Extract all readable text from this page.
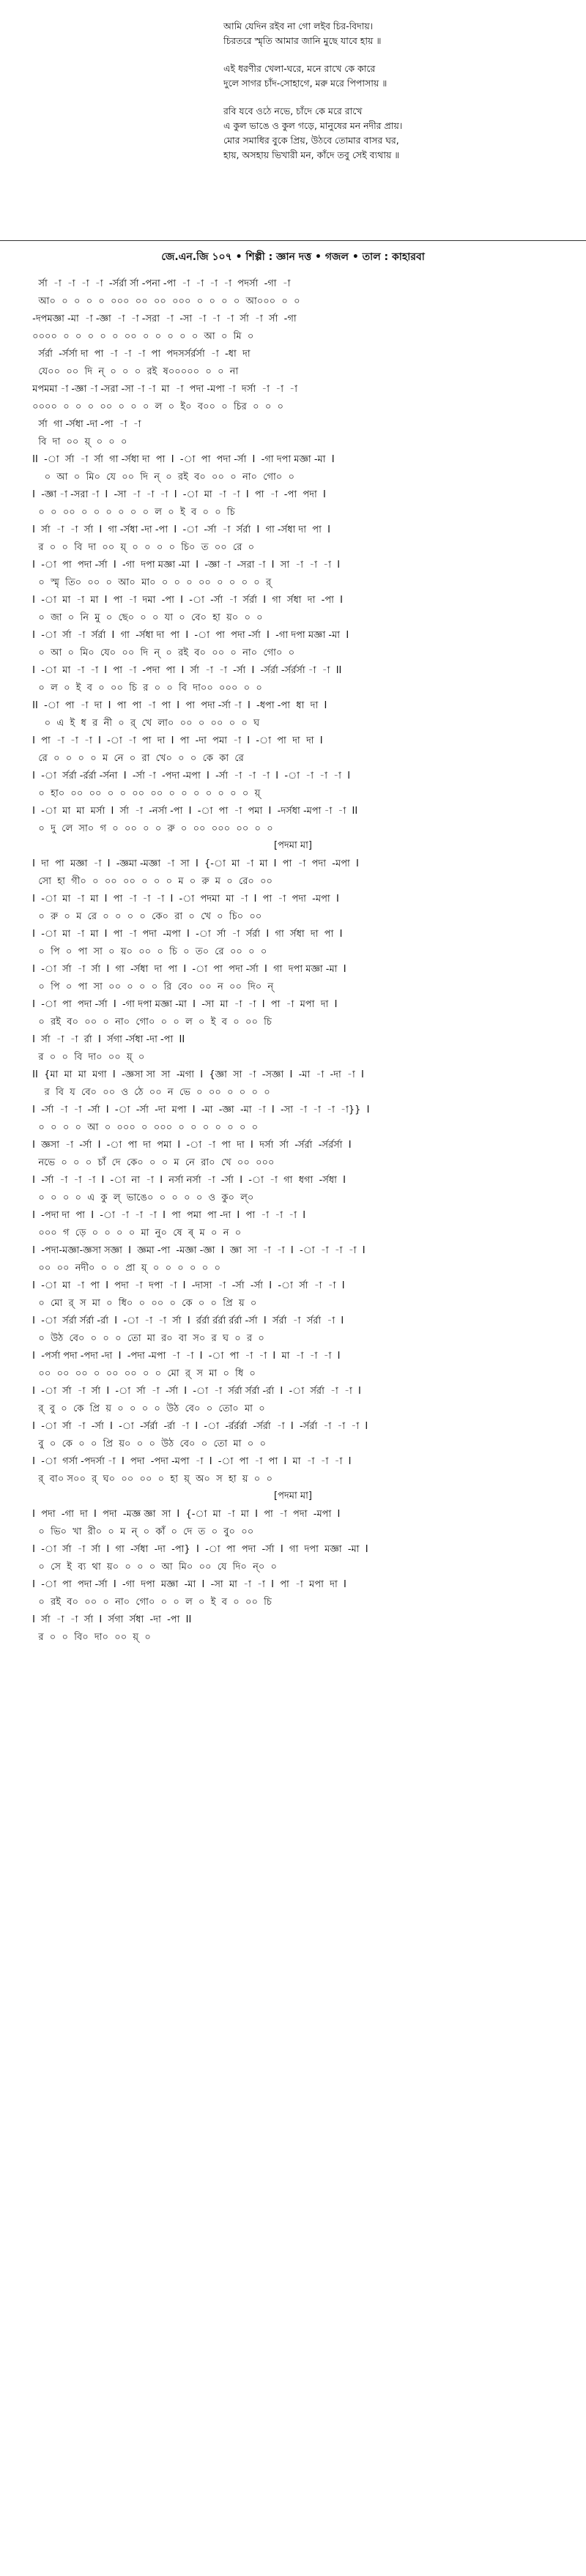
আমি যেদিন রইব না গো লইব চির-বিদায়।
চিরতরে স্মৃতি আমার জানি মুছে যাবে হায় ॥
এই ধরণীর খেলা-ঘরে, মনে রাখে কে কারে
দুলে সাগর চাঁদ-সোহাগে, মরু মরে পিপাসায় ॥
রবি যবে ওঠে নভে, চাঁদে কে মরে রাখে
এ কুল ভাঙে ও কুল গড়ে, মানুষের মন নদীর প্রায়।
মোর সমাধির বুকে প্রিয়, উঠবে তোমার বাসর ঘর,
হায়, অসহায় ভিখারী মন, কাঁদে তবু সেই ব্যথায় ॥
জে.এন.জি ১০৭ • শিল্পী : জ্ঞান দত্ত • গজল • তাল : কাহারবা
র্সা  -া  -া  -া  -া  -র্সর্রা র্সা -পনা -পা  -া  -া  -া  -া  পদর্সা  -গা  -া
আ০  ০  ০  ০  ০  ০০০  ০০  ০০  ০০০  ০  ০  ০  ০  আ০০০  ০  ০
-দপমজ্ঞা -মা  -া -জ্ঞা  -া  -া -সরা  -া  -সা  -া  -া  -া  র্সা  -া  র্সা  -গা
০০০০  ০  ০  ০  ০  ০  ০০  ০  ০  ০  ০  ০  আ  ০  মি  ০
র্সর্রা  -র্সর্সা দা  পা  -া  -া  -া  পা  পদসর্সর্রর্সা  -া  -ধা  দা
যে০০  ০০  দি  ন্  ০  ০  ০  রই  ষ০০০০০  ০  ০  না
মপমমা -া -জ্ঞা -া -সরা -সা -া -া  মা  -া  পদা -মপা -া  দর্সা  -া  -া  -া
০০০০  ০  ০  ০  ০০  ০  ০  ০  ল  ০  ই০  ব০০  ০  চির  ০  ০  ০
র্সা  গা -র্সধা -দা -পা  -া  -া
বি  দা  ০০  য়্  ০  ০  ০
II  -া  র্সা  -া  র্সা  গা -র্সধা দা  পা  I  -া  পা  পদা -র্সা  I  -গা দপা মজ্ঞা -মা  I
০  আ  ০  মি০  যে  ০০  দি  ন্  ০  রই  ব০  ০০  ০  না০  গো০  ০
I  -জ্ঞা -া -সরা -া  I  -সা  -া  -া  -া  I  -া  মা  -া  -া  I  পা  -া  -পা  পদা  I
০  ০  ০০  ০  ০  ০  ০  ০  ০  ল  ০  ই  ব  ০  ০  চি
I  র্সা  -া  -া  র্সা  I  গা -র্সধা -দা -পা  I  -া  -র্সা  -া  র্সর্রা  I  গা -র্সধা দা  পা  I
র  ০  ০  বি  দা  ০০  য়্  ০  ০  ০  ০  চি০  ত  ০০  রে  ০
I  -া  পা  পদা -র্সা  I  -গা  দপা মজ্ঞা -মা  I  -জ্ঞা -া  -সরা -া  I  সা  -া  -া  -া  I
০  স্মৃ  তি০  ০০  ০  আ০  মা০  ০  ০  ০  ০০  ০  ০  ০  ০  র্
I  -া  মা  -া  মা  I  পা  -া  দমা  -পা  I  -া  -র্সা  -া  র্সর্রা  I  গা  র্সধা  দা  -পা  I
০  জা  ০  নি  মু  ০  ছে০  ০  ০  যা  ০  বে০  হা  য়০  ০  ০
I  -া  র্সা  -া  র্সর্রা  I  গা  -র্সধা দা  পা  I  -া  পা  পদা -র্সা  I  -গা দপা মজ্ঞা -মা  I
০  আ  ০  মি০  যে০  ০০  দি  ন্  ০  রই  ব০  ০০  ০  না০  গো০  ০
I  -া  মা  -া  -া  I  পা  -া  -পদা  পা  I  র্সা  -া  -া  -র্সা  I  -র্সর্রা -র্সর্রর্সা -া  -া  II
০  ল  ০  ই  ব  ০  ০০  চি  র  ০  ০  বি  দা০০  ০০০  ০  ০
II  -া  পা  -া  দা  I  পা  পা  -া  পা  I  পা  পদা -র্সা -া  I  -ধপা -পা  ধা  দা  I
০  এ  ই  ধ  র  নী  ০  র্  খে  লা০  ০০  ০  ০০  ০  ০  ঘ
I  পা  -া  -া  -া  I  -া  -া  পা  দা  I  পা  -দা  পমা  -া  I  -া  পা  দা  দা  I
রে  ০  ০  ০  ০  ম  নে  ০  রা  খে০  ০  ০  কে  কা  রে
I  -া  র্সর্রা -র্রর্রা -র্সনা  I  -র্সা -া  -পদা -মপা  I  -র্সা  -া  -া  -া  I  -া  -া  -া  -া  I
০  হা০  ০০  ০০  ০  ০  ০০  ০০  ০  ০  ০  ০  ০  ০  ০  য়্
I  -া  মা  মা  মর্সা  I  র্সা  -া  -নর্সা -পা  I  -া  পা  -া  পমা  I  -দর্সধা -মপা -া  -া  II
০  দু  লে  সা০  গ  ০  ০০  ০  ০  রু  ০  ০০  ০০০  ০০  ০  ০
[পদমা মা]
I  দা  পা  মজ্ঞা  -া  I  -জ্ঞমা -মজ্ঞা  -া  সা  I  {-া  মা  -া  মা  I  পা  -া  পদা  -মপা  I
সো  হা  গী০  ০  ০০  ০০  ০  ০  ০  ম  ০  রু  ম  ০  রে০  ০০
I  -া  মা  -া  মা  I  পা  -া  -া  -া  I  -া  পদমা  মা  -া  I  পা  -া  পদা  -মপা  I
০  রু  ০  ম  রে  ০  ০  ০  ০  কে০  রা  ০  খে  ০  চি০  ০০
I  -া  মা  -া  মা  I  পা  -া  পদা  -মপা  I  -া  র্সা  -া  র্সর্রা  I  গা  র্সধা  দা  পা  I
০  পি  ০  পা  সা  ০  য়০  ০০  ০  চি  ০  ত০  রে  ০০  ০  ০
I  -া  র্সা  -া  র্সা  I  গা  -র্সধা  দা  পা  I  -া  পা  পদা -র্সা  I  গা  দপা মজ্ঞা -মা  I
০  পি  ০  পা  সা  ০০  ০  ০  ০  রি  বে০  ০০  ন  ০০  দি০  ন্
I  -া  পা  পদা -র্সা  I  -গা দপা মজ্ঞা -মা  I  -সা  মা  -া  -া  I  পা  -া  মপা  দা  I
০  রই  ব০  ০০  ০  না০  গো০  ০  ০  ল  ০  ই  ব  ০  ০০  চি
I  র্সা  -া  -া  র্রা  I  র্সগা -র্সধা -দা -পা  II
র  ০  ০  বি  দা০  ০০  য়্  ০
II  {মা  মা  মা  মগা  I  -জ্ঞসা সা  সা  -মগা  I  {জ্ঞা  সা  -া  -সজ্ঞা  I  -মা  -া  -দা  -া  I
র  বি  য  বে০  ০০  ও  ঠে  ০০  ন  ভে  ০  ০০  ০  ০  ০  ০
I  -র্সা  -া  -া  -র্সা  I  -া  -র্সা  -দা  মপা  I  -মা  -জ্ঞা  -মা  -া  I  -সা  -া  -া  -া  -া}}  I
০  ০  ০  ০  আ  ০  ০০০  ০  ০০০  ০  ০  ০  ০  ০  ০  ০
I  জ্ঞসা  -া  -র্সা  I  -া  পা  দা  পমা  I  -া  -া  পা  দা  I  দর্সা  র্সা  -র্সর্রা  -র্সর্রর্সা  I
নভে  ০  ০  ০  চাঁ  দে  কে০  ০  ০  ম  নে  রা০  খে  ০০  ০০০
I  -র্সা  -া  -া  -া  I  -া  না  -া  I  নর্সা নর্সা  -া  -র্সা  I  -া  -া  গা  ধগা  -র্সধা  I
০  ০  ০  ০  এ  কু  ল্  ভাঙে০  ০  ০  ০  ০  ও  কু০  ল্০
I  -পদা দা  পা  I  -া  -া  -া  -া  I  পা  পমা  পা -দা  I  পা  -া  -া  -া  I
০০০  গ  ড়ে  ০  ০  ০  ০  মা  নু০  ষে  ৰ্  ম  ০  ন  ০
I  -পদা-মজ্ঞা-জ্ঞসা সজ্ঞা  I  জ্ঞমা -পা  -মজ্ঞা -জ্ঞা  I  জ্ঞা  সা  -া  -া  I  -া  -া  -া  -া  I
০০  ০০  নদী০  ০  ০  প্রা  য়্  ০  ০  ০  ০  ০  ০
I  -া  মা  -া  পা  I  পদা  -া  দপা  -া  I  -দাসা  -া  -র্সা  -র্সা  I  -া  র্সা  -া  -া  I
০  মো  র্  স  মা  ০  ধি০  ০  ০০  ০  কে  ০  ০  প্রি  য়  ০
I  -া  র্সর্রা র্সর্রা -র্রা  I  -া  -া  -া  র্সা  I  র্রর্রা র্রর্রা র্রর্রা -র্সা  I  র্সর্রা  -া  র্সর্রা  -া  I
০  উঠ  বে০  ০  ০  ০  তো  মা  র০  বা  স০  র  ঘ  ০  র  ০
I  -পর্সা পদা -পদা -দা  I  -পদা -মপা  -া  -া  I  -া  পা  -া  -া  I  মা  -া  -া  -া  I
০০  ০০  ০০  ০  ০০  ০০  ০  ০  মো  র্  স  মা  ০  ধি  ০
I  -া  র্সা  -া  র্সা  I  -া  র্সা  -া  -র্সা  I  -া  -া  র্সর্রা র্সর্রা -র্রা  I  -া  র্সর্রা  -া  -া  I
র্  বু  ০  কে  প্রি  য়  ০  ০  ০  ০  উঠ  বে০  ০  তো০  মা  ০
I  -া  র্সা  -া  -র্সা  I  -া  -র্সর্রা  -র্রা  -া  I  -া  -র্রর্রর্রা  -র্সর্রা  -া  I  -র্সর্রা  -া  -া  -া  I
বু  ০  কে  ০  ০  প্রি  য়০  ০  ০  উঠ  বে০  ০  তো  মা  ০  ০
I  -া  গর্সা -পদর্সা -া  I  পদা  -পদা -মপা  -া  I  -া  পা  -া  পা  I  মা  -া  -া  -া  I
র্  বা০ স০০  র্  ঘ০  ০০  ০০  ০  হা  য়্  অ০  স  হা  য়  ০  ০
[পদমা মা]
I  পদা  -গা  দা  I  পদা  -মজ্ঞ জ্ঞা  সা  I  {-া  মা  -া  মা  I  পা  -া  পদা  -মপা  I
০  ভি০  খা  রী০  ০  ম  ন্  ০  কাঁ  ০  দে  ত  ০  বু০  ০০
I  -া  র্সা  -া  র্সা  I  গা  -র্সধা  -দা  -পা}  I  -া  পা  পদা  -র্সা  I  গা  দপা  মজ্ঞা  -মা  I
০  সে  ই  ব্য  থা  য়০  ০  ০  ০  আ  মি০  ০০  যে  দি০  ন্০  ০
I  -া  পা  পদা -র্সা  I  -গা  দপা  মজ্ঞা  -মা  I  -সা  মা  -া  -া  I  পা  -া  মপা  দা  I
০  রই  ব০  ০০  ০  না০  গো০  ০  ০  ল  ০  ই  ব  ০  ০০  চি
I  র্সা  -া  -া  র্সা  I  র্সগা  র্সধা  -দা  -পা  II
র  ০  ০  বি০  দা০  ০০  য়্  ০
